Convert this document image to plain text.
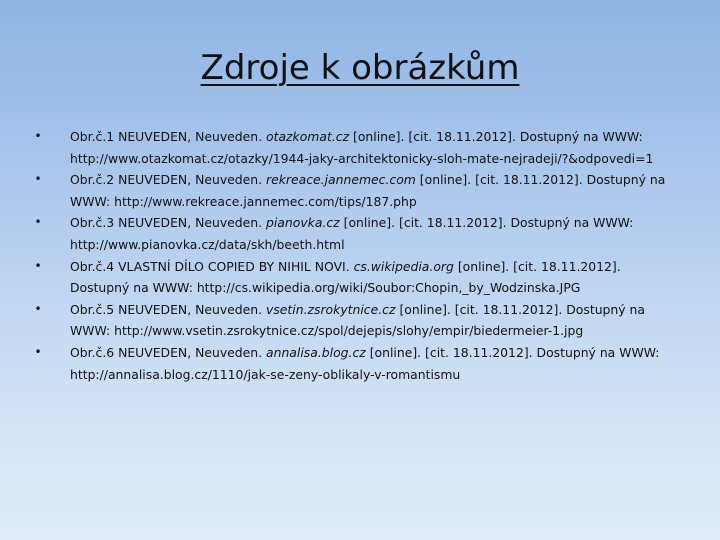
Zdroje k obrázkům
• Obr.č.1 NEUVEDEN, Neuveden. otazkomat.cz [online]. [cit. 18.11.2012]. Dostupný na WWW: http://www.otazkomat.cz/otazky/1944-jaky-architektonicky-sloh-mate-nejradeji/?&odpovedi=1
• Obr.č.2 NEUVEDEN, Neuveden. rekreace.jannemec.com [online]. [cit. 18.11.2012]. Dostupný na WWW: http://www.rekreace.jannemec.com/tips/187.php
• Obr.č.3 NEUVEDEN, Neuveden. pianovka.cz [online]. [cit. 18.11.2012]. Dostupný na WWW: http://www.pianovka.cz/data/skh/beeth.html
• Obr.č.4 VLASTNÍ DÍLO COPIED BY NIHIL NOVI. cs.wikipedia.org [online]. [cit. 18.11.2012]. Dostupný na WWW: http://cs.wikipedia.org/wiki/Soubor:Chopin,_by_Wodzinska.JPG
• Obr.č.5 NEUVEDEN, Neuveden. vsetin.zsrokytnice.cz [online]. [cit. 18.11.2012]. Dostupný na WWW: http://www.vsetin.zsrokytnice.cz/spol/dejepis/slohy/empir/biedermeier-1.jpg
• Obr.č.6 NEUVEDEN, Neuveden. annalisa.blog.cz [online]. [cit. 18.11.2012]. Dostupný na WWW: http://annalisa.blog.cz/1110/jak-se-zeny-oblikaly-v-romantismu
